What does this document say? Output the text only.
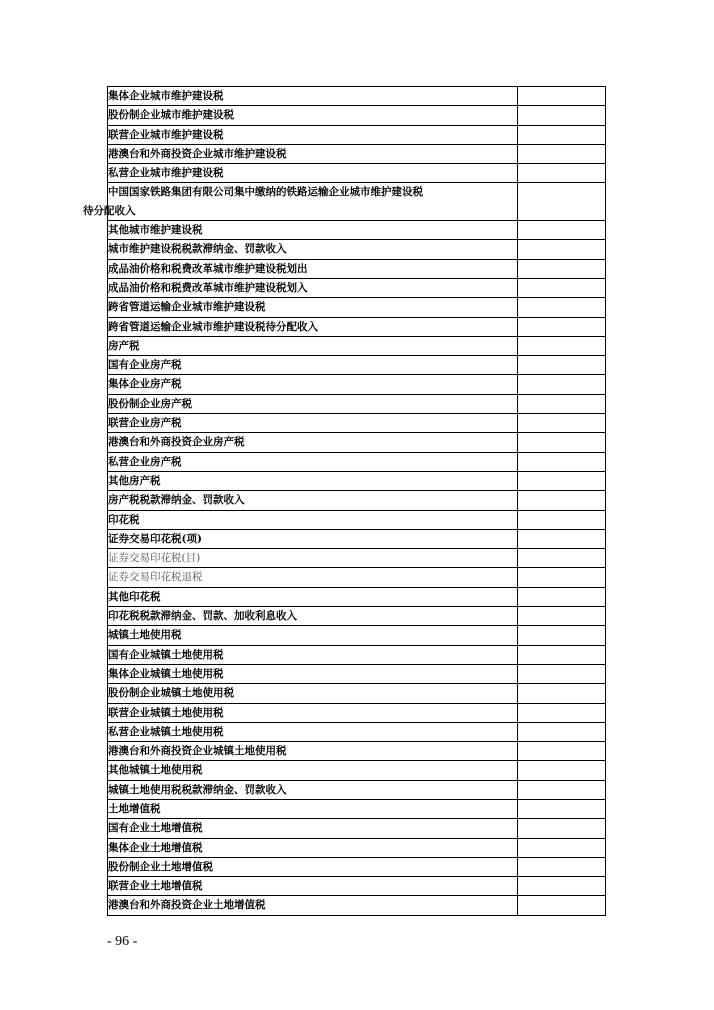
集体企业城市维护建设税	
股份制企业城市维护建设税	
联营企业城市维护建设税	
港澳台和外商投资企业城市维护建设税	
私营企业城市维护建设税	
中国国家铁路集团有限公司集中缴纳的铁路运输企业城市维护建设税
待分配收入	

其他城市维护建设税	
城市维护建设税税款滞纳金、罚款收入	
成品油价格和税费改革城市维护建设税划出	
成品油价格和税费改革城市维护建设税划入	
跨省管道运输企业城市维护建设税	
跨省管道运输企业城市维护建设税待分配收入	
房产税	
国有企业房产税	
集体企业房产税	
股份制企业房产税	
联营企业房产税	
港澳台和外商投资企业房产税	
私营企业房产税	
其他房产税	
房产税税款滞纳金、罚款收入	
印花税	
证券交易印花税(项)	
证券交易印花税(目)	
证券交易印花税退税	
其他印花税	
印花税税款滞纳金、罚款、加收利息收入	
城镇土地使用税	
国有企业城镇土地使用税	
集体企业城镇土地使用税	
股份制企业城镇土地使用税	
联营企业城镇土地使用税	
私营企业城镇土地使用税	
港澳台和外商投资企业城镇土地使用税	
其他城镇土地使用税	
城镇土地使用税税款滞纳金、罚款收入	
土地增值税	
国有企业土地增值税	
集体企业土地增值税	
股份制企业土地增值税	
联营企业土地增值税	
港澳台和外商投资企业土地增值税	
- 96 -
